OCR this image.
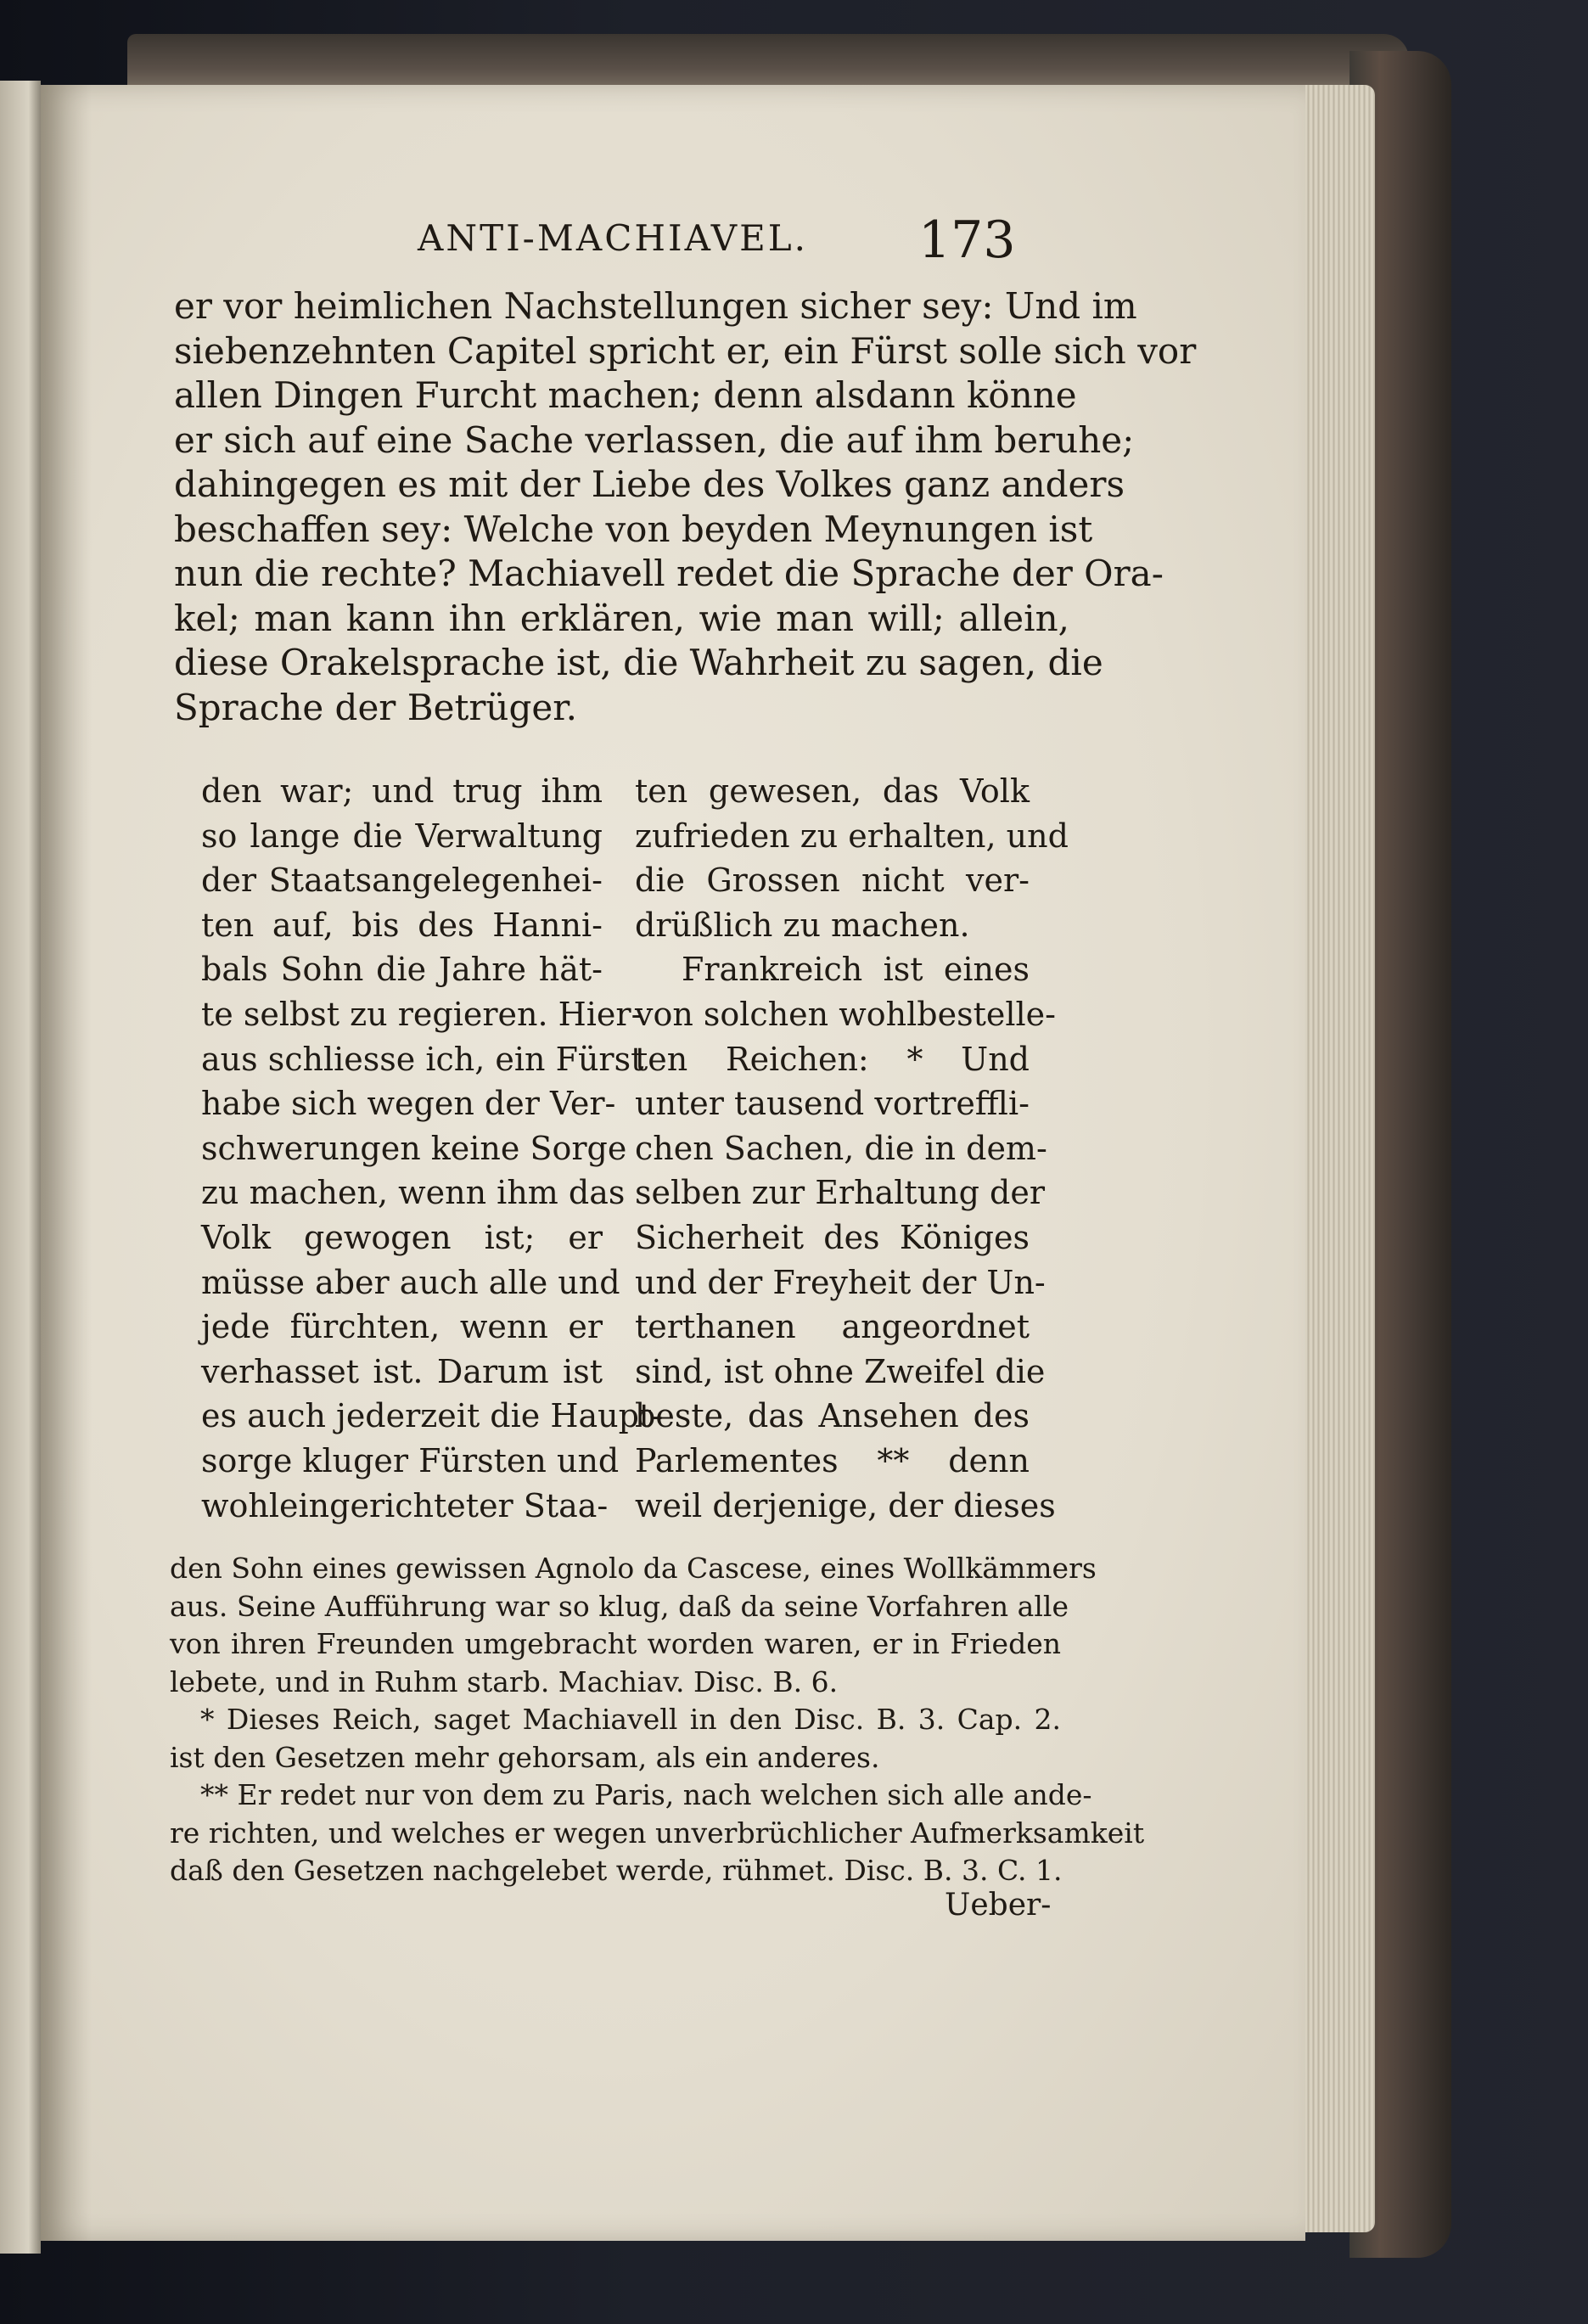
ANTI-MACHIAVEL. 173
er vor heimlichen Nachstellungen sicher sey: Und im
siebenzehnten Capitel spricht er, ein Fürst solle sich vor
allen Dingen Furcht machen; denn alsdann könne
er sich auf eine Sache verlassen, die auf ihm beruhe;
dahingegen es mit der Liebe des Volkes ganz anders
beschaffen sey: Welche von beyden Meynungen ist
nun die rechte? Machiavell redet die Sprache der Ora-
kel; man kann ihn erklären, wie man will; allein,
diese Orakelsprache ist, die Wahrheit zu sagen, die
Sprache der Betrüger.
den war; und trug ihm
so lange die Verwaltung
der Staatsangelegenhei-
ten auf, bis des Hanni-
bals Sohn die Jahre hät-
te selbst zu regieren. Hier-
aus schliesse ich, ein Fürst
habe sich wegen der Ver-
schwerungen keine Sorge
zu machen, wenn ihm das
Volk gewogen ist; er
müsse aber auch alle und
jede fürchten, wenn er
verhasset ist. Darum ist
es auch jederzeit die Haupt-
sorge kluger Fürsten und
wohleingerichteter Staa-
ten gewesen, das Volk
zufrieden zu erhalten, und
die Grossen nicht ver-
drüßlich zu machen.
Frankreich ist eines
von solchen wohlbestelle-
ten Reichen: * Und
unter tausend vortreffli-
chen Sachen, die in dem-
selben zur Erhaltung der
Sicherheit des Königes
und der Freyheit der Un-
terthanen angeordnet
sind, ist ohne Zweifel die
beste, das Ansehen des
Parlementes ** denn
weil derjenige, der dieses
den Sohn eines gewissen Agnolo da Cascese, eines Wollkämmers
aus. Seine Aufführung war so klug, daß da seine Vorfahren alle
von ihren Freunden umgebracht worden waren, er in Frieden
lebete, und in Ruhm starb. Machiav. Disc. B. 6.
* Dieses Reich, saget Machiavell in den Disc. B. 3. Cap. 2.
ist den Gesetzen mehr gehorsam, als ein anderes.
** Er redet nur von dem zu Paris, nach welchen sich alle ande-
re richten, und welches er wegen unverbrüchlicher Aufmerksamkeit
daß den Gesetzen nachgelebet werde, rühmet. Disc. B. 3. C. 1.
Ueber-
